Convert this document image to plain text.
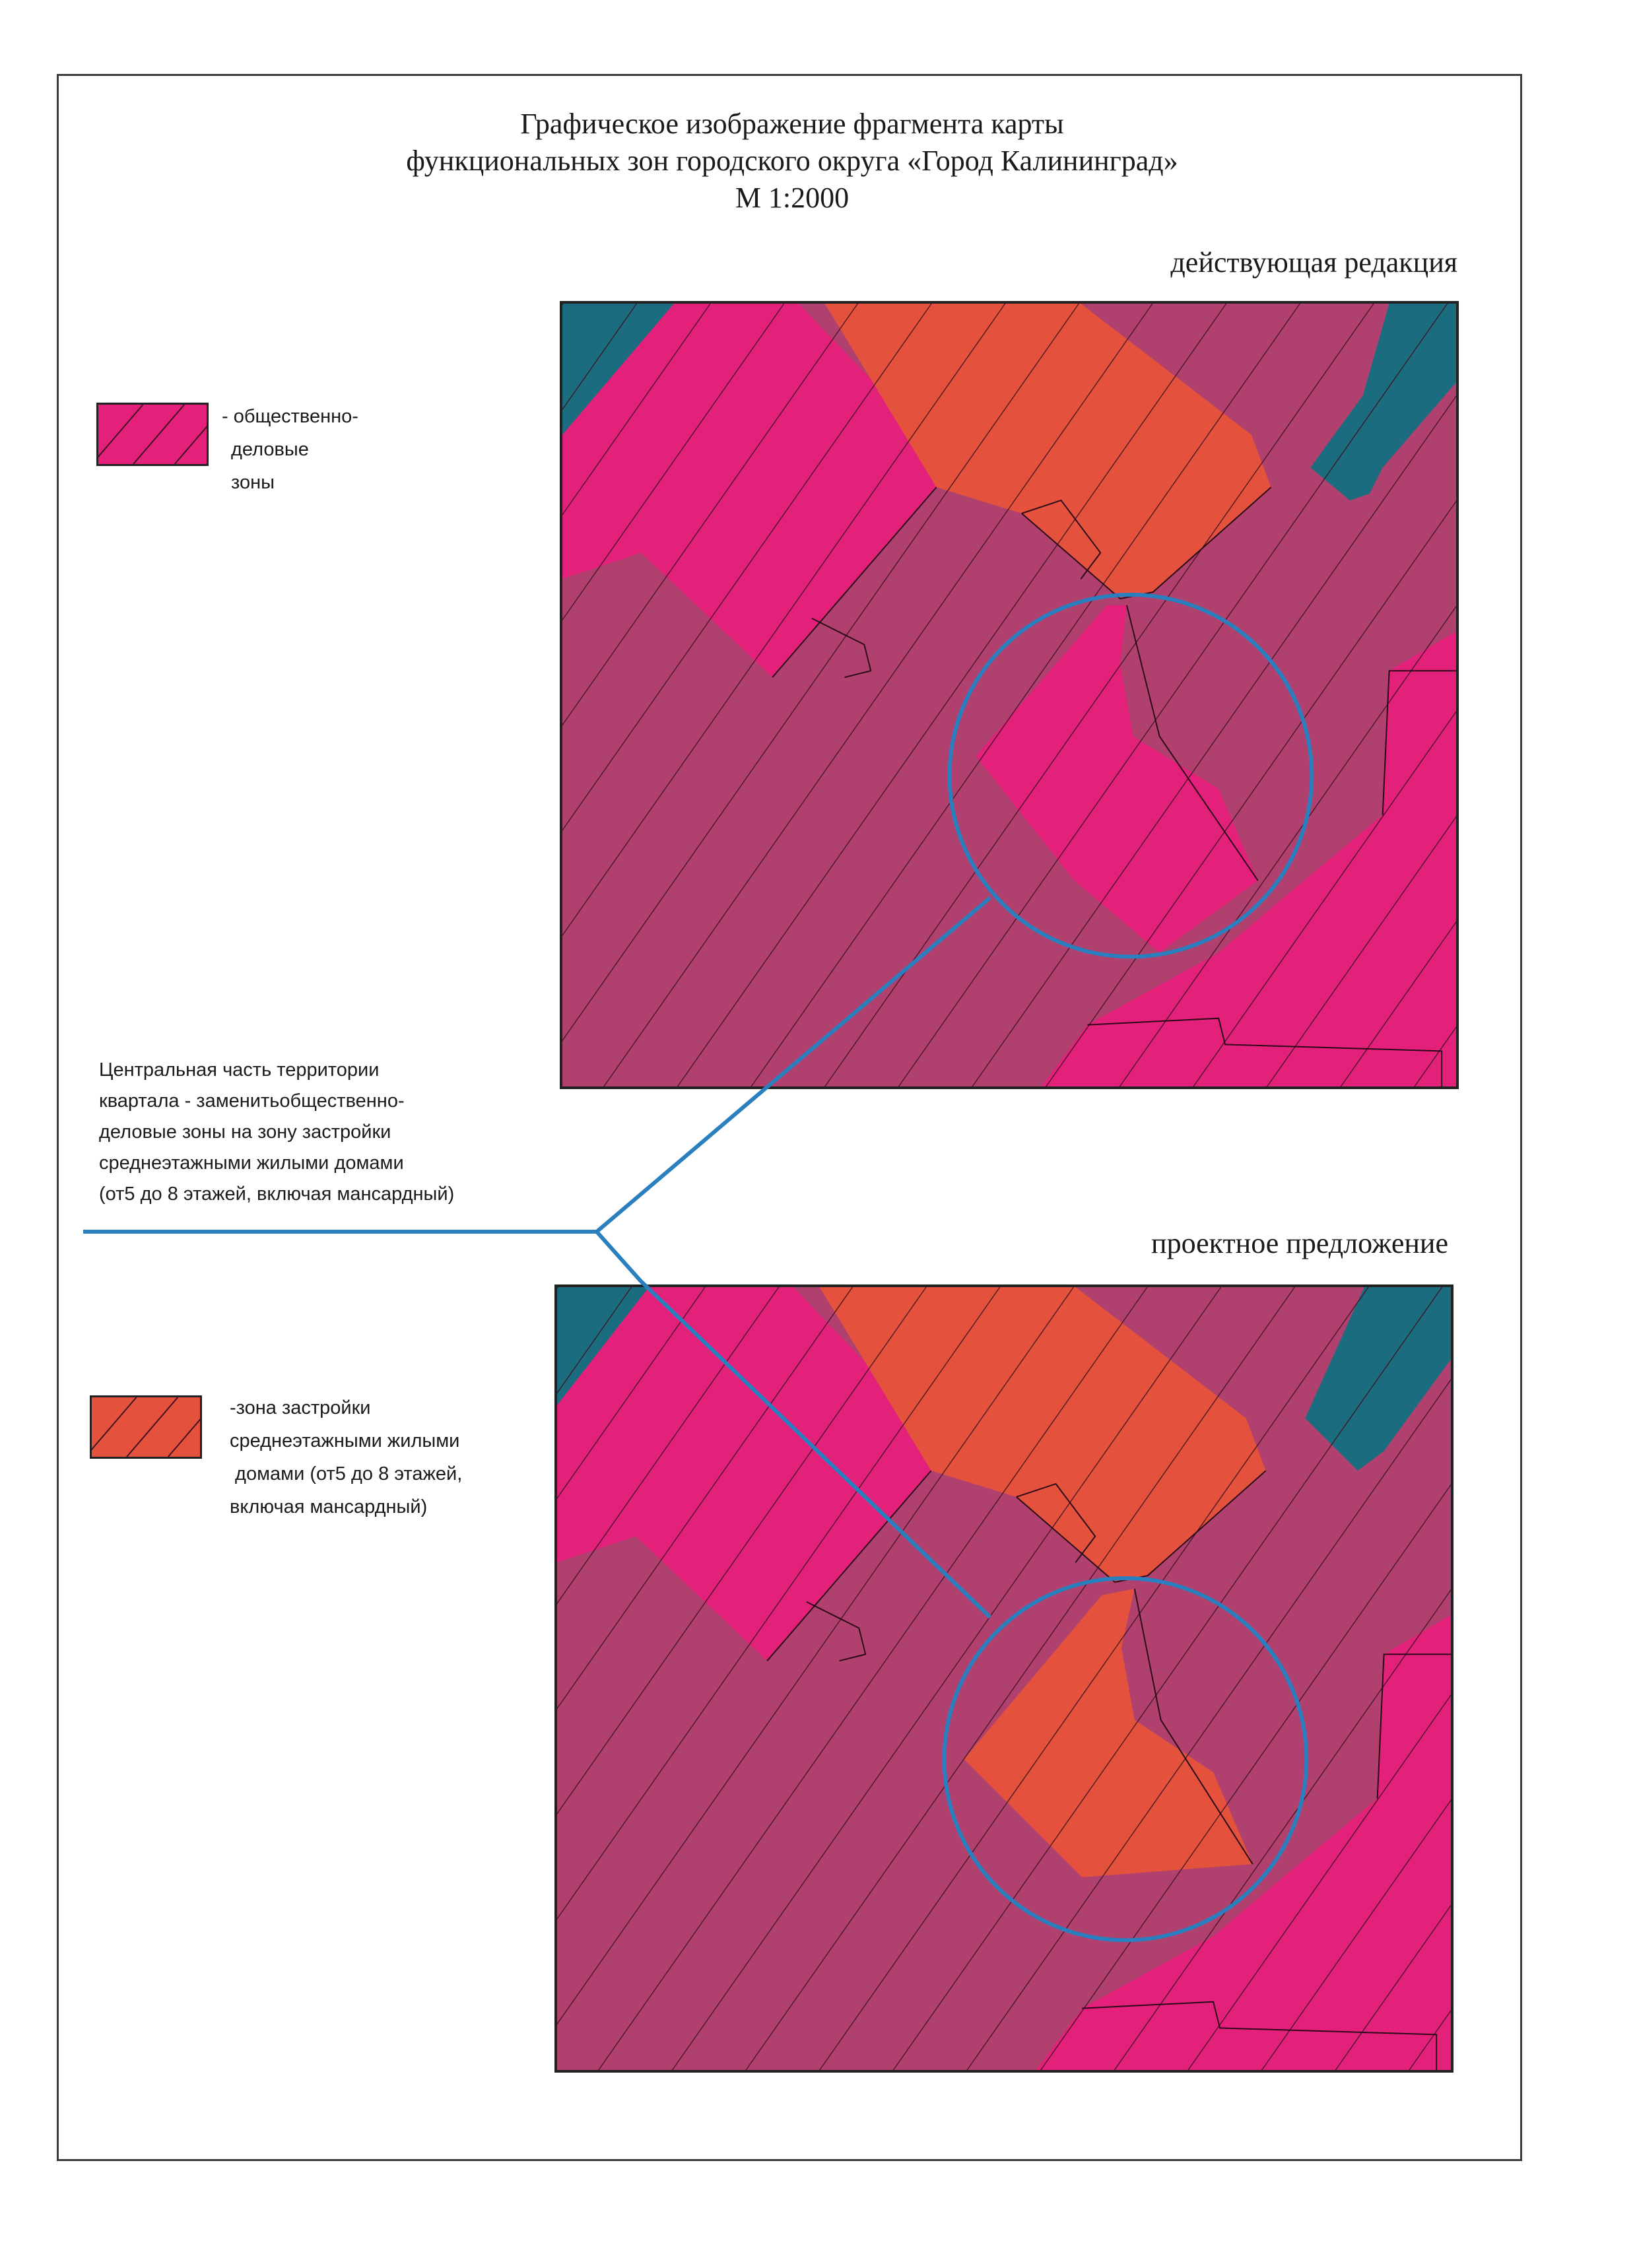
Графическое изображение фрагмента карты
функциональных зон городского округа «Город Калининград»
М 1:2000
действующая редакция
проектное предложение
- общественно-
деловые
зоны
-зона застройки
среднеэтажными жилыми
домами (от5 до 8 этажей,
включая мансардный)
Центральная часть территории
квартала - заменитьобщественно-
деловые зоны на зону застройки
среднеэтажными жилыми домами
(от5 до 8 этажей, включая мансардный)
